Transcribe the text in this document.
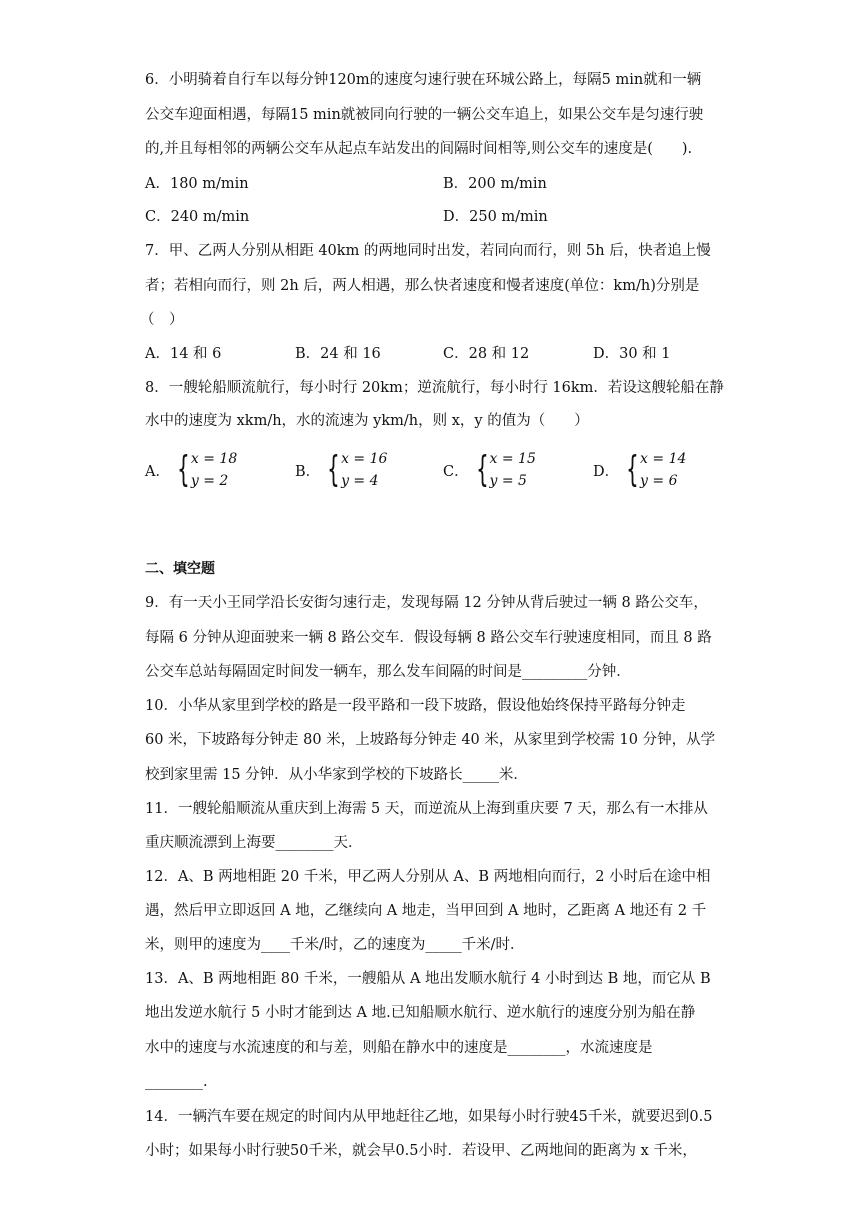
6．小明骑着自行车以每分钟120m的速度匀速行驶在环城公路上，每隔5 min就和一辆
公交车迎面相遇，每隔15 min就被同向行驶的一辆公交车追上，如果公交车是匀速行驶
的,并且每相邻的两辆公交车从起点车站发出的间隔时间相等,则公交车的速度是(　　).
A．180 m/min	B．200 m/min
C．240 m/min	D．250 m/min
7．甲、乙两人分别从相距 40km 的两地同时出发，若同向而行，则 5h 后，快者追上慢
者；若相向而行，则 2h 后，两人相遇，那么快者速度和慢者速度(单位：km/h)分别是
（　）
A．14 和 6	B．24 和 16	C．28 和 12	D．30 和 1
8．一艘轮船顺流航行，每小时行 20km；逆流航行，每小时行 16km．若设这艘轮船在静
水中的速度为 xkm/h，水的流速为 ykm/h，则 x，y 的值为（　　）
A． { x = 18
y = 2
B． { x = 16
y = 4
C． { x = 15
y = 5
D． { x = 14
y = 6
二、填空题
9．有一天小王同学沿长安街匀速行走，发现每隔 12 分钟从背后驶过一辆 8 路公交车，
每隔 6 分钟从迎面驶来一辆 8 路公交车．假设每辆 8 路公交车行驶速度相同，而且 8 路
公交车总站每隔固定时间发一辆车，那么发车间隔的时间是_________分钟．
10．小华从家里到学校的路是一段平路和一段下坡路，假设他始终保持平路每分钟走
60 米，下坡路每分钟走 80 米，上坡路每分钟走 40 米，从家里到学校需 10 分钟，从学
校到家里需 15 分钟．从小华家到学校的下坡路长_____米．
11．一艘轮船顺流从重庆到上海需 5 天，而逆流从上海到重庆要 7 天，那么有一木排从
重庆顺流漂到上海要________天．
12．A、B 两地相距 20 千米，甲乙两人分别从 A、B 两地相向而行，2 小时后在途中相
遇，然后甲立即返回 A 地，乙继续向 A 地走，当甲回到 A 地时，乙距离 A 地还有 2 千
米，则甲的速度为____千米/时，乙的速度为_____千米/时．
13．A、B 两地相距 80 千米，一艘船从 A 地出发顺水航行 4 小时到达 B 地，而它从 B
地出发逆水航行 5 小时才能到达 A 地.已知船顺水航行、逆水航行的速度分别为船在静
水中的速度与水流速度的和与差，则船在静水中的速度是________，水流速度是
________.
14．一辆汽车要在规定的时间内从甲地赶往乙地，如果每小时行驶45千米，就要迟到0.5
小时；如果每小时行驶50千米，就会早0.5小时．若设甲、乙两地间的距离为 x 千米，
